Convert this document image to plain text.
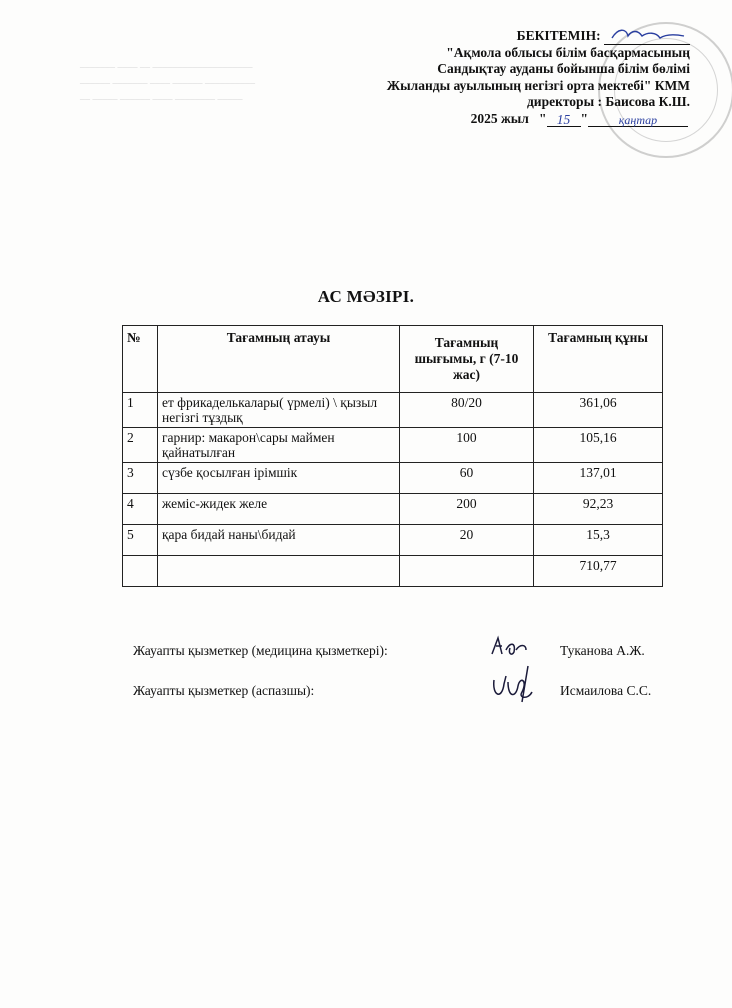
____________________ __ ____ _______
__________ ______ ____ _______ ______
_____ ________ ____ ______ _____ __
БЕКІТЕМІН:
"Ақмола облысы білім басқармасының
Сандықтау ауданы бойынша білім бөлімі
Жыланды ауылының негізгі орта мектебі" КММ
директоры : Баисова К.Ш.
2025 жыл   " 15 "	қаңтар
АС МӘЗІРІ.
№	Тағамның атауы	Тағамның шығымы, г (7-10 жас)	Тағамның құны
1	ет фрикаделькалары( үрмелі) \ қызыл негізгі тұздық	80/20	361,06
2	гарнир: макарон\сары маймен қайнатылған	100	105,16
3	сүзбе қосылған ірімшік	60	137,01
4	жеміс-жидек желе	200	92,23
5	қара бидай наны\бидай	20	15,3
			710,77
Жауапты қызметкер (медицина қызметкері):	Туканова А.Ж.
Жауапты қызметкер (аспазшы):	Исмаилова С.С.
